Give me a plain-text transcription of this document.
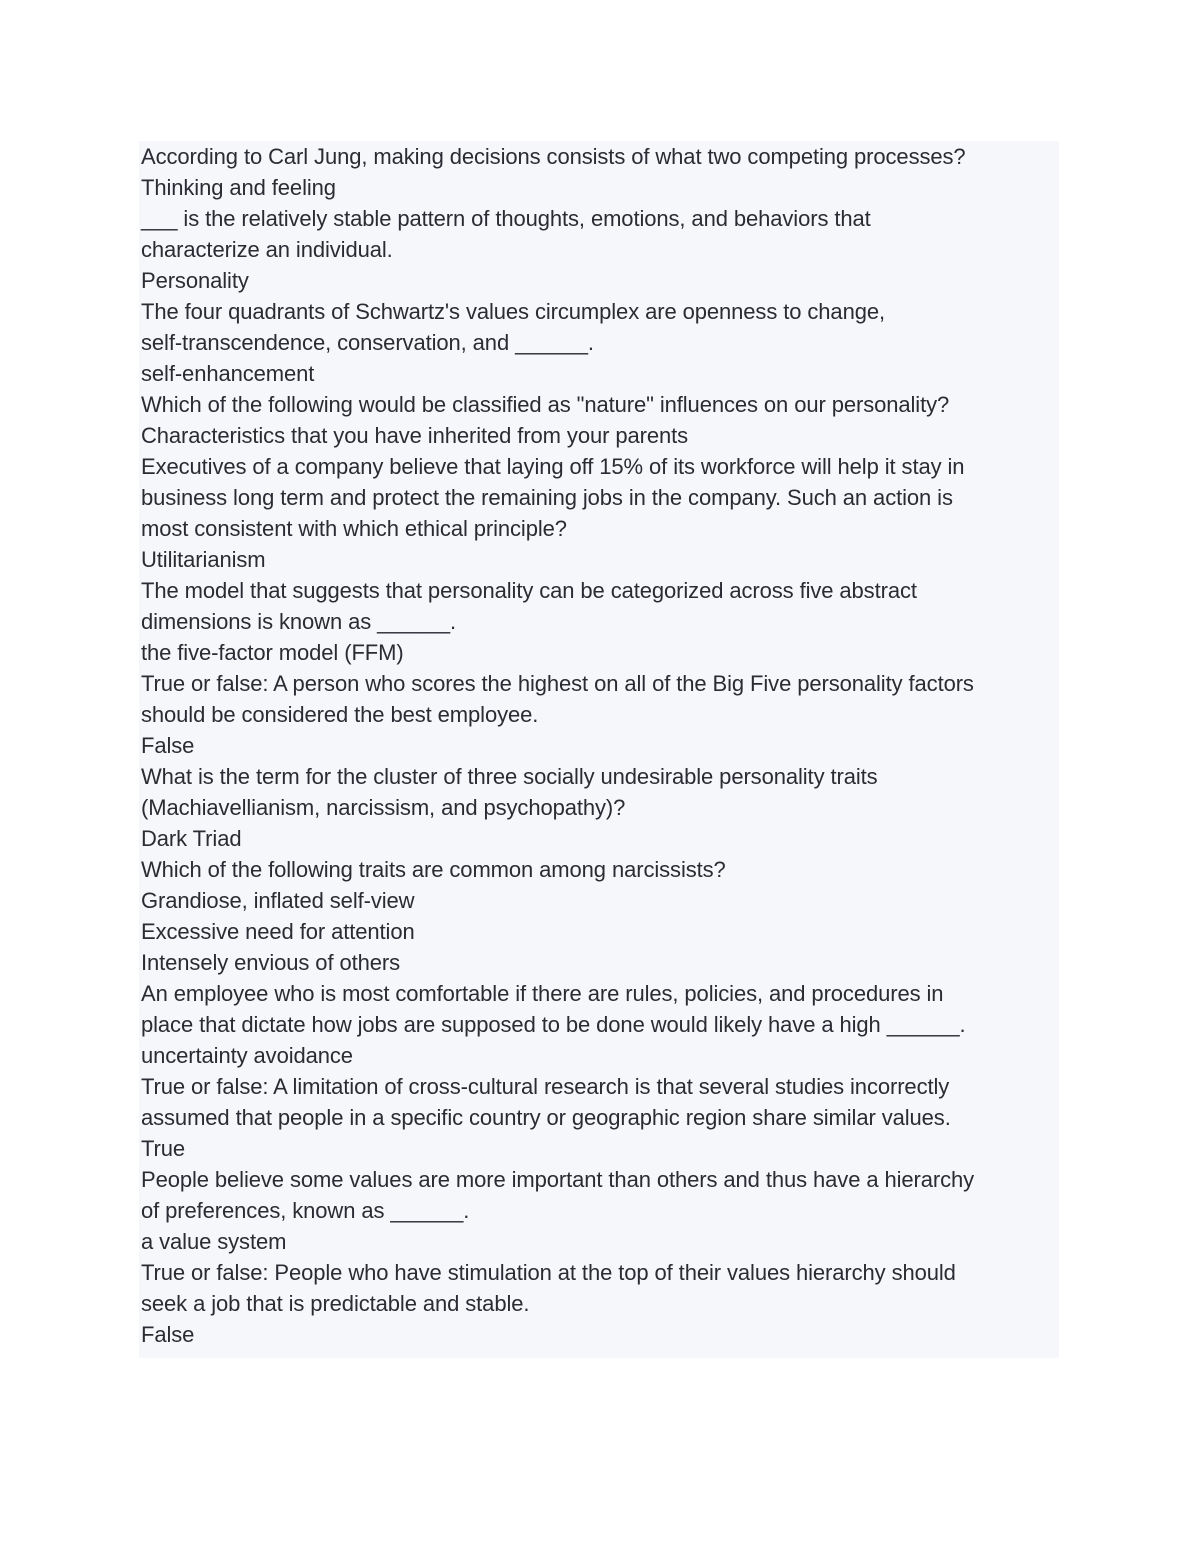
According to Carl Jung, making decisions consists of what two competing processes?

Thinking and feeling

___ is the relatively stable pattern of thoughts, emotions, and behaviors that

characterize an individual.

Personality

The four quadrants of Schwartz's values circumplex are openness to change,

self-transcendence, conservation, and ______.

self-enhancement

Which of the following would be classified as "nature" influences on our personality?

Characteristics that you have inherited from your parents

Executives of a company believe that laying off 15% of its workforce will help it stay in

business long term and protect the remaining jobs in the company. Such an action is

most consistent with which ethical principle?

Utilitarianism

The model that suggests that personality can be categorized across five abstract

dimensions is known as ______.

the five-factor model (FFM)

True or false: A person who scores the highest on all of the Big Five personality factors

should be considered the best employee.

False

What is the term for the cluster of three socially undesirable personality traits

(Machiavellianism, narcissism, and psychopathy)?

Dark Triad

Which of the following traits are common among narcissists?

Grandiose, inflated self-view

Excessive need for attention

Intensely envious of others

An employee who is most comfortable if there are rules, policies, and procedures in

place that dictate how jobs are supposed to be done would likely have a high ______.

uncertainty avoidance

True or false: A limitation of cross-cultural research is that several studies incorrectly

assumed that people in a specific country or geographic region share similar values.

True

People believe some values are more important than others and thus have a hierarchy

of preferences, known as ______.

a value system

True or false: People who have stimulation at the top of their values hierarchy should

seek a job that is predictable and stable.

False
